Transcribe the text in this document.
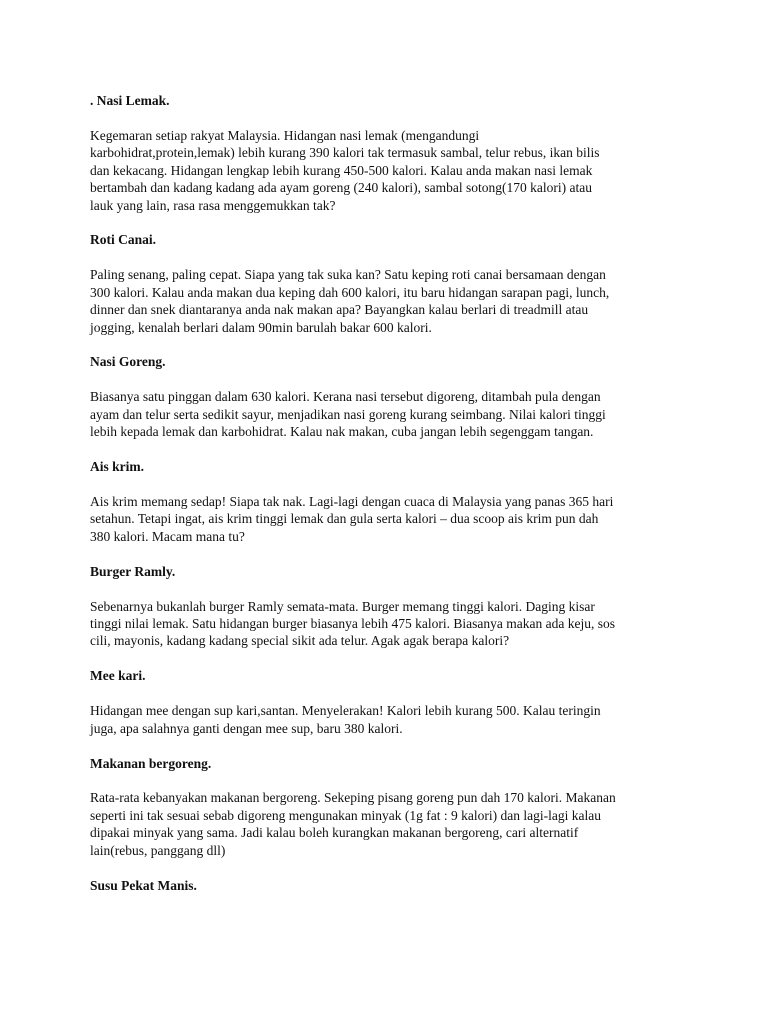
. Nasi Lemak.

Kegemaran setiap rakyat Malaysia. Hidangan nasi lemak (mengandungi
karbohidrat,protein,lemak) lebih kurang 390 kalori tak termasuk sambal, telur rebus, ikan bilis
dan kekacang. Hidangan lengkap lebih kurang 450-500 kalori. Kalau anda makan nasi lemak
bertambah dan kadang kadang ada ayam goreng (240 kalori), sambal sotong(170 kalori) atau
lauk yang lain, rasa rasa menggemukkan tak?

Roti Canai.

Paling senang, paling cepat. Siapa yang tak suka kan? Satu keping roti canai bersamaan dengan
300 kalori. Kalau anda makan dua keping dah 600 kalori, itu baru hidangan sarapan pagi, lunch,
dinner dan snek diantaranya anda nak makan apa? Bayangkan kalau berlari di treadmill atau
jogging, kenalah berlari dalam 90min barulah bakar 600 kalori.

Nasi Goreng.

Biasanya satu pinggan dalam 630 kalori. Kerana nasi tersebut digoreng, ditambah pula dengan
ayam dan telur serta sedikit sayur, menjadikan nasi goreng kurang seimbang. Nilai kalori tinggi
lebih kepada lemak dan karbohidrat. Kalau nak makan, cuba jangan lebih segenggam tangan.

Ais krim.

Ais krim memang sedap! Siapa tak nak. Lagi-lagi dengan cuaca di Malaysia yang panas 365 hari
setahun. Tetapi ingat, ais krim tinggi lemak dan gula serta kalori – dua scoop ais krim pun dah
380 kalori. Macam mana tu?

Burger Ramly.

Sebenarnya bukanlah burger Ramly semata-mata. Burger memang tinggi kalori. Daging kisar
tinggi nilai lemak. Satu hidangan burger biasanya lebih 475 kalori. Biasanya makan ada keju, sos
cili, mayonis, kadang kadang special sikit ada telur. Agak agak berapa kalori?

Mee kari.

Hidangan mee dengan sup kari,santan. Menyelerakan! Kalori lebih kurang 500. Kalau teringin
juga, apa salahnya ganti dengan mee sup, baru 380 kalori.

Makanan bergoreng.

Rata-rata kebanyakan makanan bergoreng. Sekeping pisang goreng pun dah 170 kalori. Makanan
seperti ini tak sesuai sebab digoreng mengunakan minyak (1g fat : 9 kalori) dan lagi-lagi kalau
dipakai minyak yang sama. Jadi kalau boleh kurangkan makanan bergoreng, cari alternatif
lain(rebus, panggang dll)

Susu Pekat Manis.
